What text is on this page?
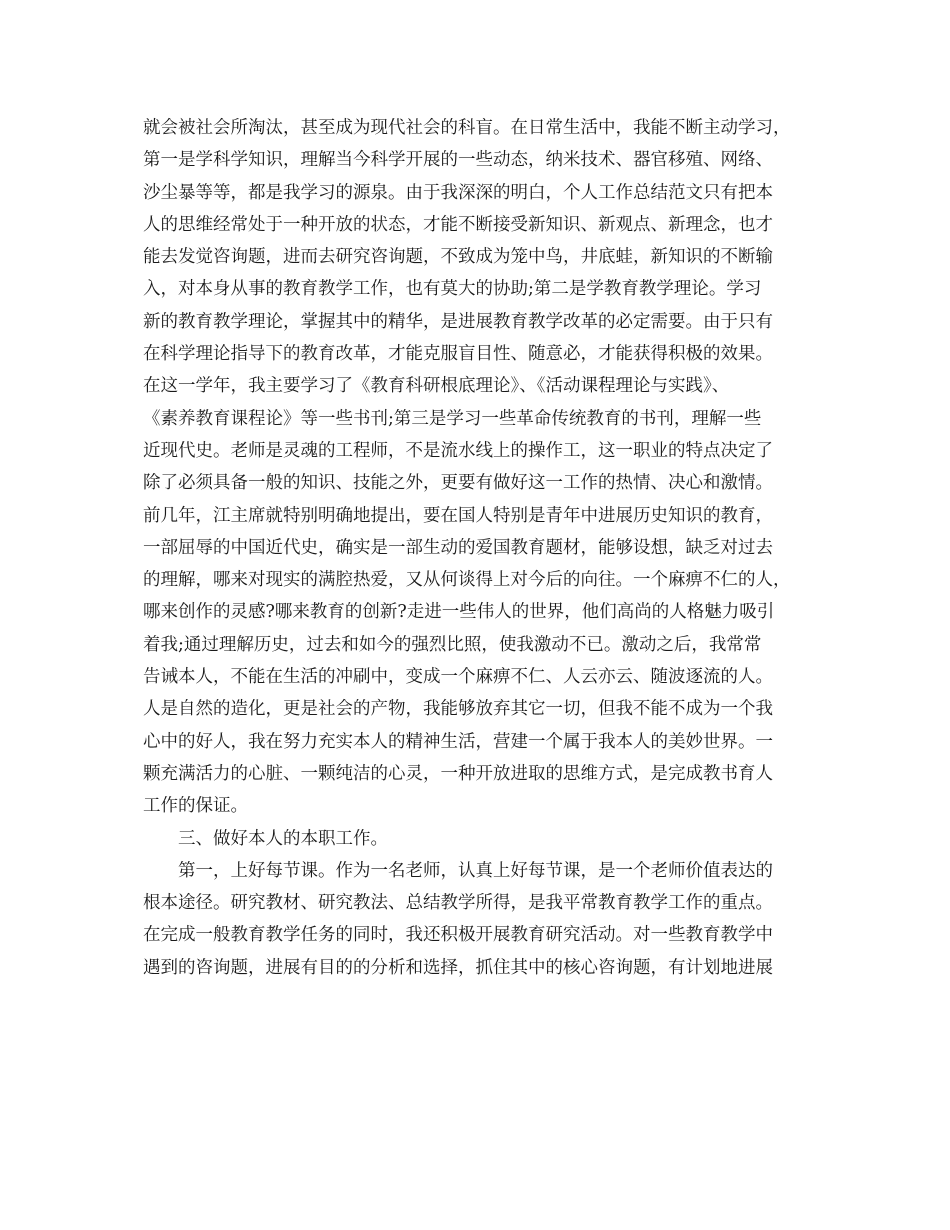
就会被社会所淘汰，甚至成为现代社会的科盲。在日常生活中，我能不断主动学习，
第一是学科学知识，理解当今科学开展的一些动态，纳米技术、器官移殖、网络、
沙尘暴等等，都是我学习的源泉。由于我深深的明白，个人工作总结范文只有把本
人的思维经常处于一种开放的状态，才能不断接受新知识、新观点、新理念，也才
能去发觉咨询题，进而去研究咨询题，不致成为笼中鸟，井底蛙，新知识的不断输
入，对本身从事的教育教学工作，也有莫大的协助;第二是学教育教学理论。学习
新的教育教学理论，掌握其中的精华，是进展教育教学改革的必定需要。由于只有
在科学理论指导下的教育改革，才能克服盲目性、随意必，才能获得积极的效果。
在这一学年，我主要学习了《教育科研根底理论》、《活动课程理论与实践》、
《素养教育课程论》等一些书刊;第三是学习一些革命传统教育的书刊，理解一些
近现代史。老师是灵魂的工程师，不是流水线上的操作工，这一职业的特点决定了
除了必须具备一般的知识、技能之外，更要有做好这一工作的热情、决心和激情。
前几年，江主席就特别明确地提出，要在国人特别是青年中进展历史知识的教育，
一部屈辱的中国近代史，确实是一部生动的爱国教育题材，能够设想，缺乏对过去
的理解，哪来对现实的满腔热爱，又从何谈得上对今后的向往。一个麻痹不仁的人，
哪来创作的灵感?哪来教育的创新?走进一些伟人的世界，他们高尚的人格魅力吸引
着我;通过理解历史，过去和如今的强烈比照，使我激动不已。激动之后，我常常
告诫本人，不能在生活的冲刷中，变成一个麻痹不仁、人云亦云、随波逐流的人。
人是自然的造化，更是社会的产物，我能够放弃其它一切，但我不能不成为一个我
心中的好人，我在努力充实本人的精神生活，营建一个属于我本人的美妙世界。一
颗充满活力的心脏、一颗纯洁的心灵，一种开放进取的思维方式，是完成教书育人
工作的保证。
三、做好本人的本职工作。
第一，上好每节课。作为一名老师，认真上好每节课，是一个老师价值表达的
根本途径。研究教材、研究教法、总结教学所得，是我平常教育教学工作的重点。
在完成一般教育教学任务的同时，我还积极开展教育研究活动。对一些教育教学中
遇到的咨询题，进展有目的的分析和选择，抓住其中的核心咨询题，有计划地进展
